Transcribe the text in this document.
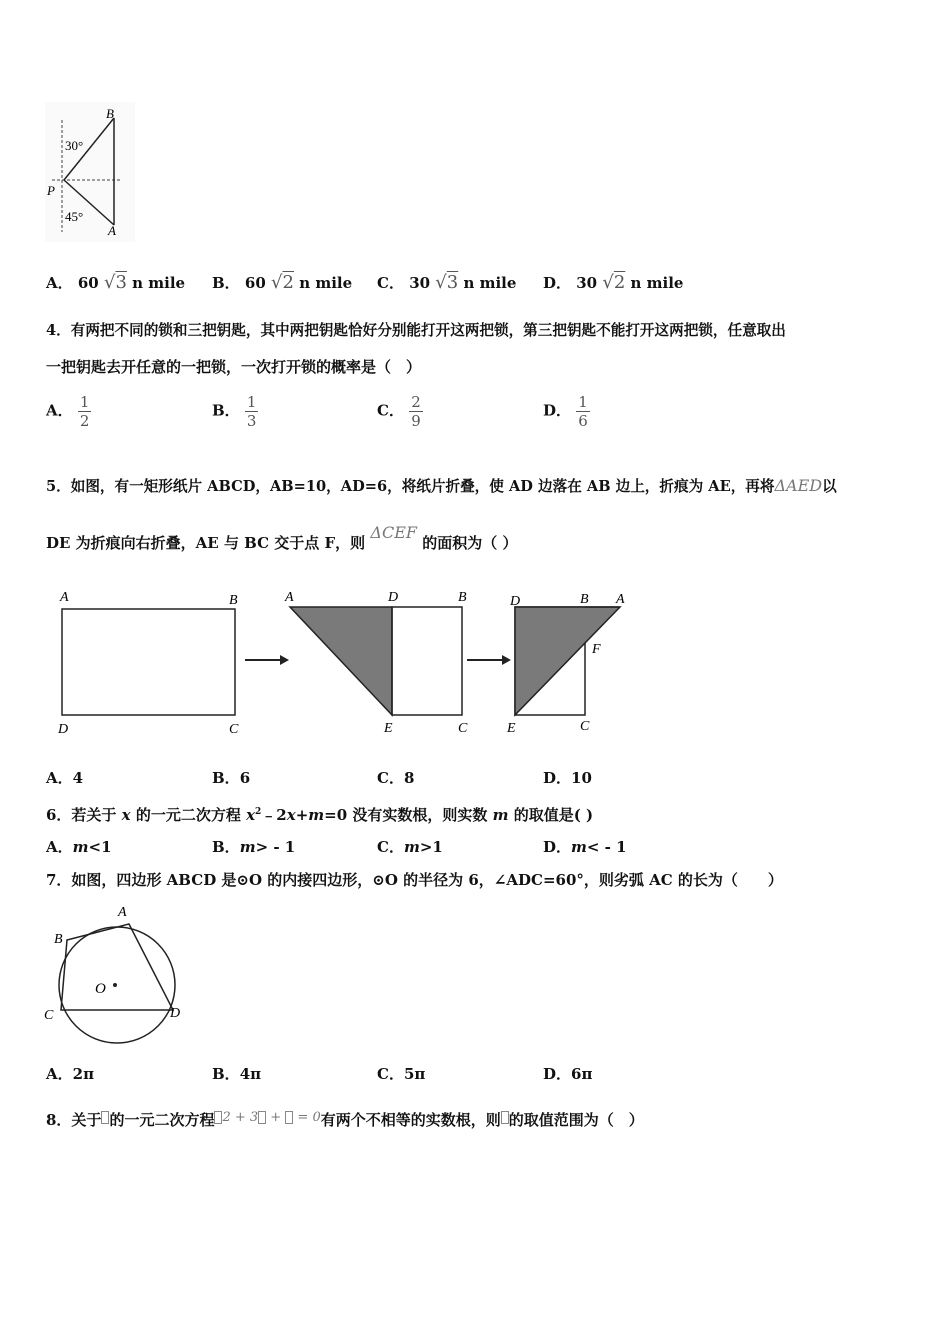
B
P
A
30°
45°
A． 60 √3 n mile B． 60 √2 n mile C． 30 √3 n mile D． 30 √2 n mile
4．有两把不同的锁和三把钥匙，其中两把钥匙恰好分别能打开这两把锁，第三把钥匙不能打开这两把锁，任意取出
一把钥匙去开任意的一把锁，一次打开锁的概率是（　）
A． $\frac{1}{2}$	B． $\frac{1}{3}$	C． $\frac{2}{9}$	D． $\frac{1}{6}$
5．如图，有一矩形纸片 ABCD，AB=10，AD=6，将纸片折叠，使 AD 边落在 AB 边上，折痕为 AE，再将ΔAED以
DE 为折痕向右折叠，AE 与 BC 交于点 F，则 ΔCEF 的面积为（ ）
A	B
D	C
A	D	B
E	C
D	B A
F
E	C
A．4	B．6	C．8	D．10
6．若关于 x 的一元二次方程 $x^2﹣2x+m=0$ 没有实数根，则实数 m 的取值是( )
A．m<1	B．m> - 1	C．m>1	D．m< - 1
7．如图，四边形 ABCD 是⊙O 的内接四边形，⊙O 的半径为 6，∠ADC=60°，则劣弧 AC 的长为（　　）
A
B
C	D
O
A．2π	B．4π	C．5π	D．6π
8．关于 的一元二次方程 2 + 3 +  = 0有两个不相等的实数根，则 的取值范围为（　）
